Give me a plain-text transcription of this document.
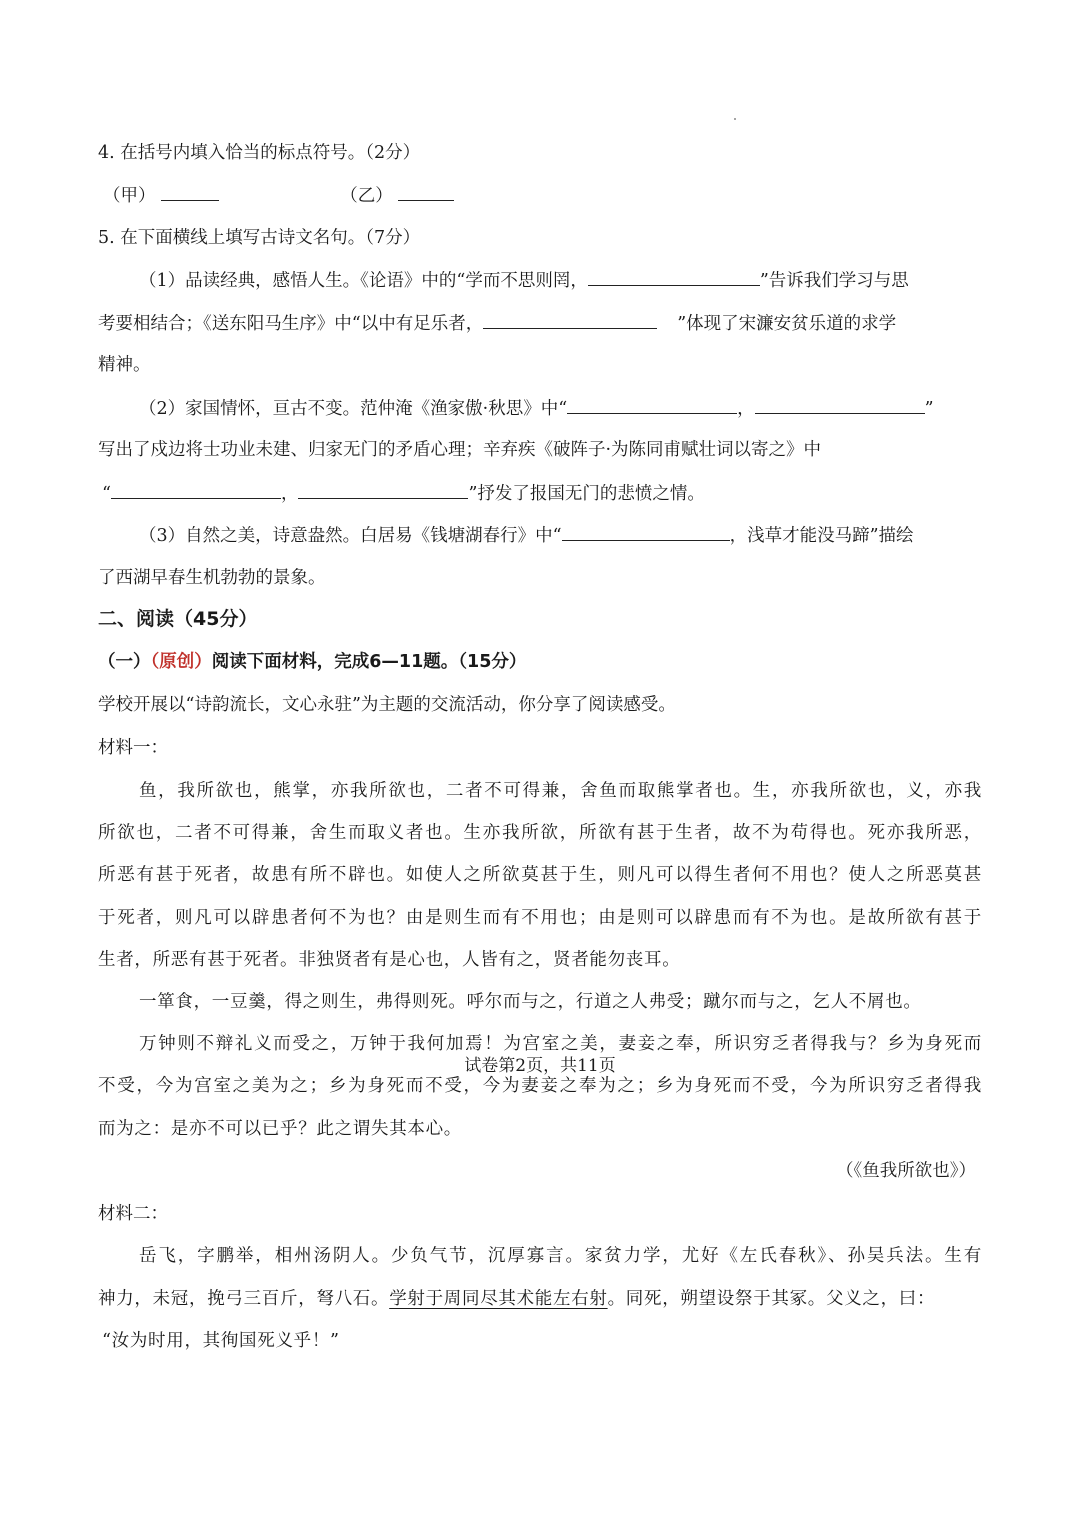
4. 在括号内填入恰当的标点符号。（2分）
（甲）	（乙）
5. 在下面横线上填写古诗文名句。（7分）
（1）品读经典，感悟人生。《论语》中的“学而不思则罔，	”告诉我们学习与思
考要相结合；《送东阳马生序》中“以中有足乐者，	”体现了宋濂安贫乐道的求学
精神。
（2）家国情怀，亘古不变。范仲淹《渔家傲·秋思》中“	，	”
写出了戍边将士功业未建、归家无门的矛盾心理；辛弃疾《破阵子·为陈同甫赋壮词以寄之》中
“	，	”抒发了报国无门的悲愤之情。
（3）自然之美，诗意盎然。白居易《钱塘湖春行》中“	，浅草才能没马蹄”描绘
了西湖早春生机勃勃的景象。
二、阅读（45分）
（一）（原创）阅读下面材料，完成6—11题。（15分）
学校开展以“诗韵流长，文心永驻”为主题的交流活动，你分享了阅读感受。
材料一：
鱼，我所欲也，熊掌，亦我所欲也，二者不可得兼，舍鱼而取熊掌者也。生，亦我所欲也，义，亦我
所欲也，二者不可得兼，舍生而取义者也。生亦我所欲，所欲有甚于生者，故不为苟得也。死亦我所恶，
所恶有甚于死者，故患有所不辟也。如使人之所欲莫甚于生，则凡可以得生者何不用也？使人之所恶莫甚
于死者，则凡可以辟患者何不为也？由是则生而有不用也；由是则可以辟患而有不为也。是故所欲有甚于
生者，所恶有甚于死者。非独贤者有是心也，人皆有之，贤者能勿丧耳。
一箪食，一豆羹，得之则生，弗得则死。呼尔而与之，行道之人弗受；蹴尔而与之，乞人不屑也。
万钟则不辩礼义而受之，万钟于我何加焉！为宫室之美，妻妾之奉，所识穷乏者得我与？乡为身死而
不受，今为宫室之美为之；乡为身死而不受，今为妻妾之奉为之；乡为身死而不受，今为所识穷乏者得我
而为之：是亦不可以已乎？此之谓失其本心。
（《鱼我所欲也》）
材料二：
岳飞，字鹏举，相州汤阴人。少负气节，沉厚寡言。家贫力学，尤好《左氏春秋》、孙吴兵法。生有
神力，未冠，挽弓三百斤，弩八石。学射于周同尽其术能左右射。同死，朔望设祭于其冢。父义之，曰：
“汝为时用，其徇国死义乎！”
试卷第2页，共11页
